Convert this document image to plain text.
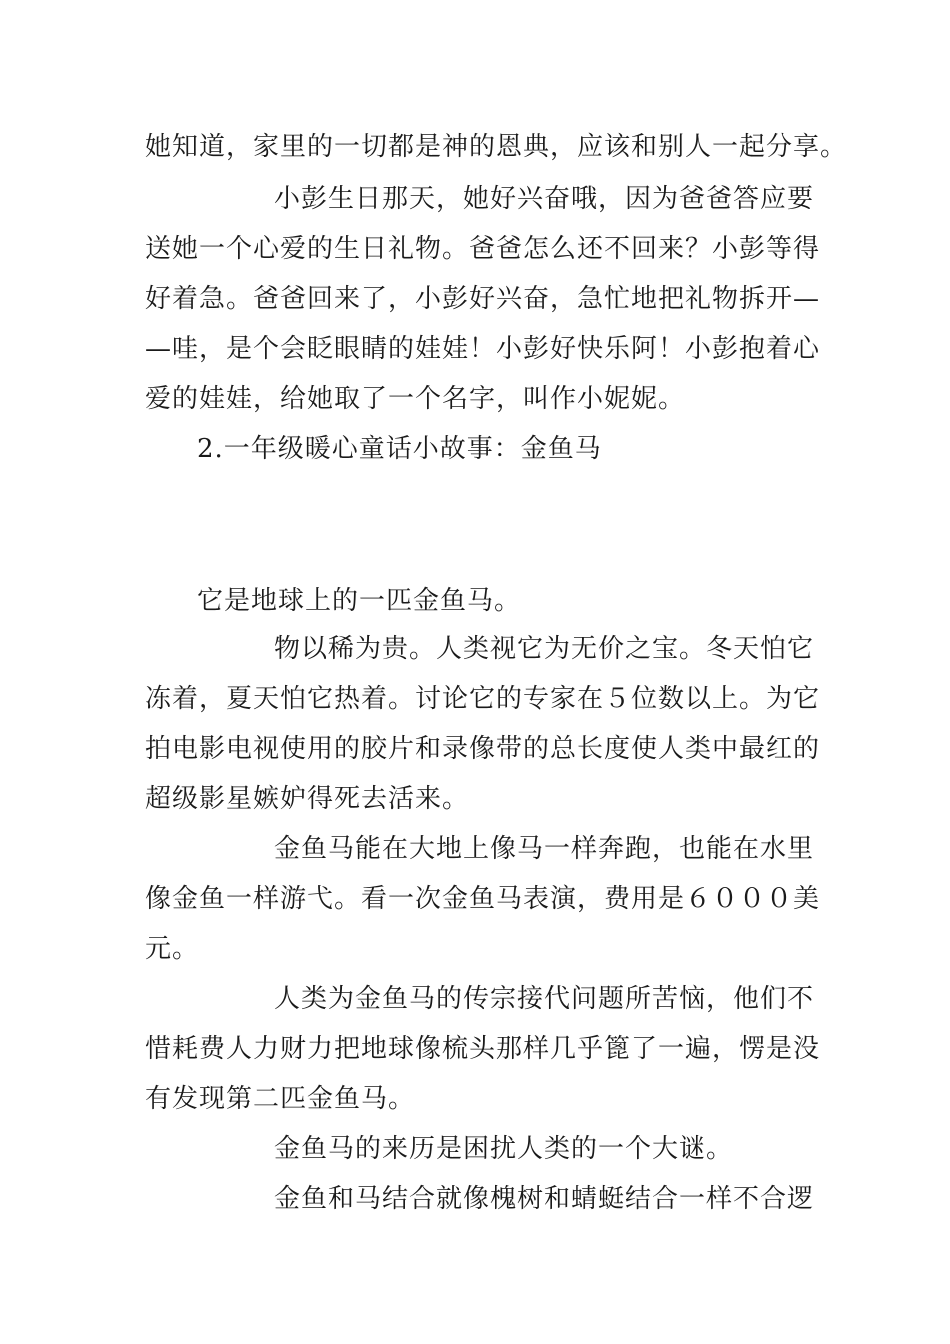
她知道，家里的一切都是神的恩典，应该和别人一起分享。
小彭生日那天，她好兴奋哦，因为爸爸答应要
送她一个心爱的生日礼物。爸爸怎么还不回来？小彭等得
好着急。爸爸回来了，小彭好兴奋，急忙地把礼物拆开—
—哇，是个会眨眼睛的娃娃！小彭好快乐阿！小彭抱着心
爱的娃娃，给她取了一个名字，叫作小妮妮。
2.一年级暖心童话小故事：金鱼马
它是地球上的一匹金鱼马。
物以稀为贵。人类视它为无价之宝。冬天怕它
冻着，夏天怕它热着。讨论它的专家在５位数以上。为它
拍电影电视使用的胶片和录像带的总长度使人类中最红的
超级影星嫉妒得死去活来。
金鱼马能在大地上像马一样奔跑，也能在水里
像金鱼一样游弋。看一次金鱼马表演，费用是６０００美
元。
人类为金鱼马的传宗接代问题所苦恼，他们不
惜耗费人力财力把地球像梳头那样几乎篦了一遍，愣是没
有发现第二匹金鱼马。
金鱼马的来历是困扰人类的一个大谜。
金鱼和马结合就像槐树和蜻蜓结合一样不合逻
